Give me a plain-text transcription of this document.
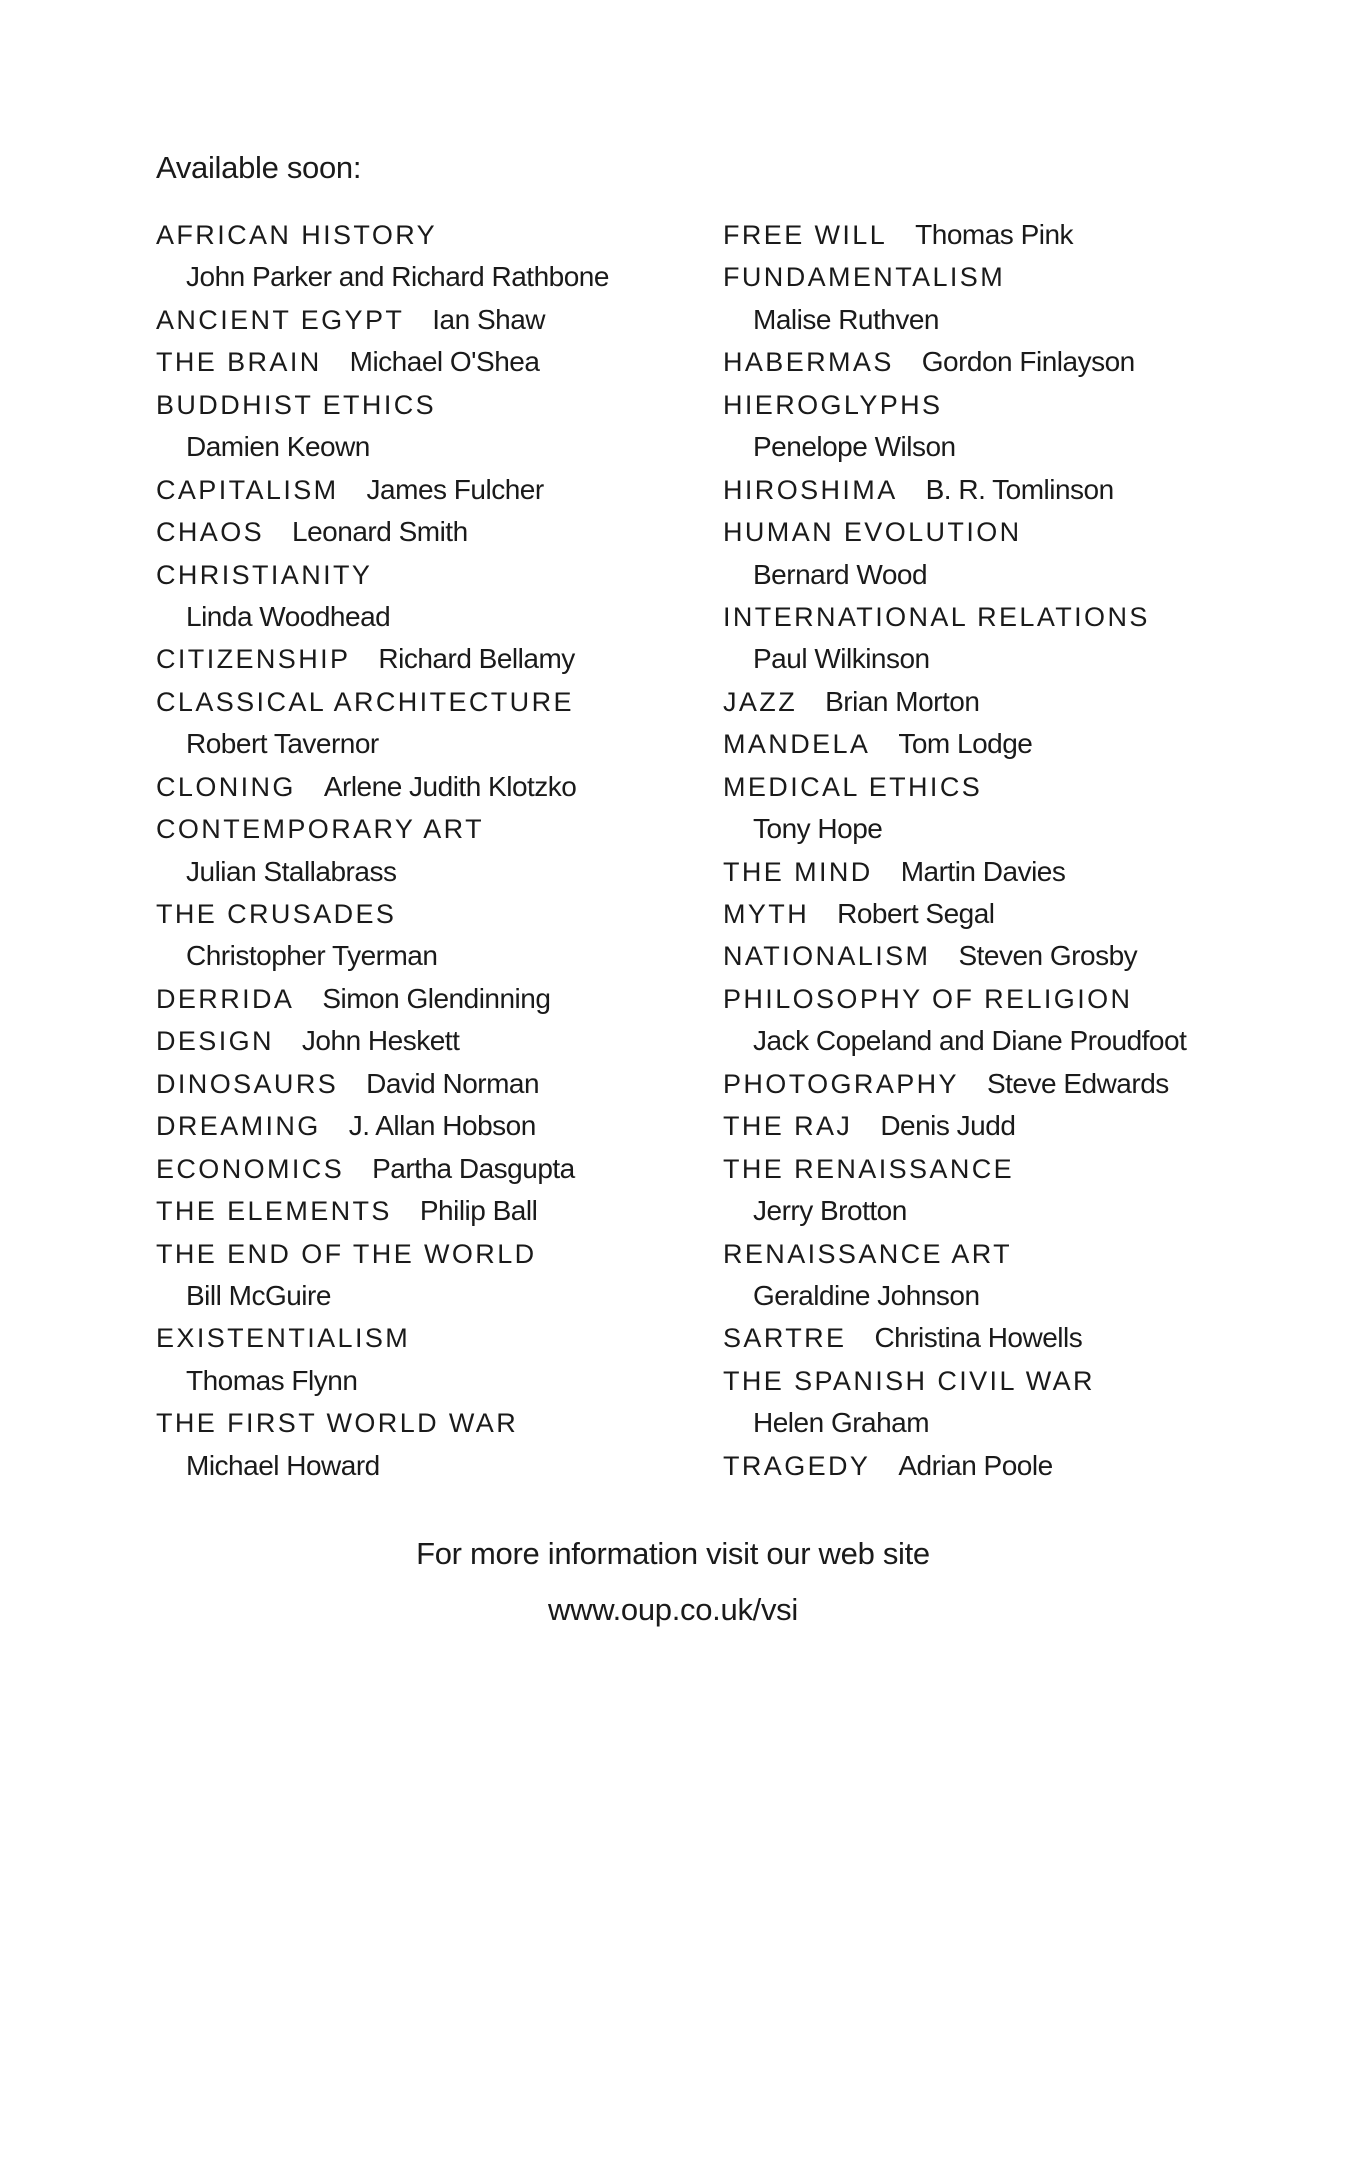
Available soon:
AFRICAN HISTORY
John Parker and Richard Rathbone
ANCIENT EGYPT Ian Shaw
THE BRAIN Michael O'Shea
BUDDHIST ETHICS
Damien Keown
CAPITALISM James Fulcher
CHAOS Leonard Smith
CHRISTIANITY
Linda Woodhead
CITIZENSHIP Richard Bellamy
CLASSICAL ARCHITECTURE
Robert Tavernor
CLONING Arlene Judith Klotzko
CONTEMPORARY ART
Julian Stallabrass
THE CRUSADES
Christopher Tyerman
DERRIDA Simon Glendinning
DESIGN John Heskett
DINOSAURS David Norman
DREAMING J. Allan Hobson
ECONOMICS Partha Dasgupta
THE ELEMENTS Philip Ball
THE END OF THE WORLD
Bill McGuire
EXISTENTIALISM
Thomas Flynn
THE FIRST WORLD WAR
Michael Howard
FREE WILL Thomas Pink
FUNDAMENTALISM
Malise Ruthven
HABERMAS Gordon Finlayson
HIEROGLYPHS
Penelope Wilson
HIROSHIMA B. R. Tomlinson
HUMAN EVOLUTION
Bernard Wood
INTERNATIONAL RELATIONS
Paul Wilkinson
JAZZ Brian Morton
MANDELA Tom Lodge
MEDICAL ETHICS
Tony Hope
THE MIND Martin Davies
MYTH Robert Segal
NATIONALISM Steven Grosby
PHILOSOPHY OF RELIGION
Jack Copeland and Diane Proudfoot
PHOTOGRAPHY Steve Edwards
THE RAJ Denis Judd
THE RENAISSANCE
Jerry Brotton
RENAISSANCE ART
Geraldine Johnson
SARTRE Christina Howells
THE SPANISH CIVIL WAR
Helen Graham
TRAGEDY Adrian Poole
For more information visit our web site
www.oup.co.uk/vsi
